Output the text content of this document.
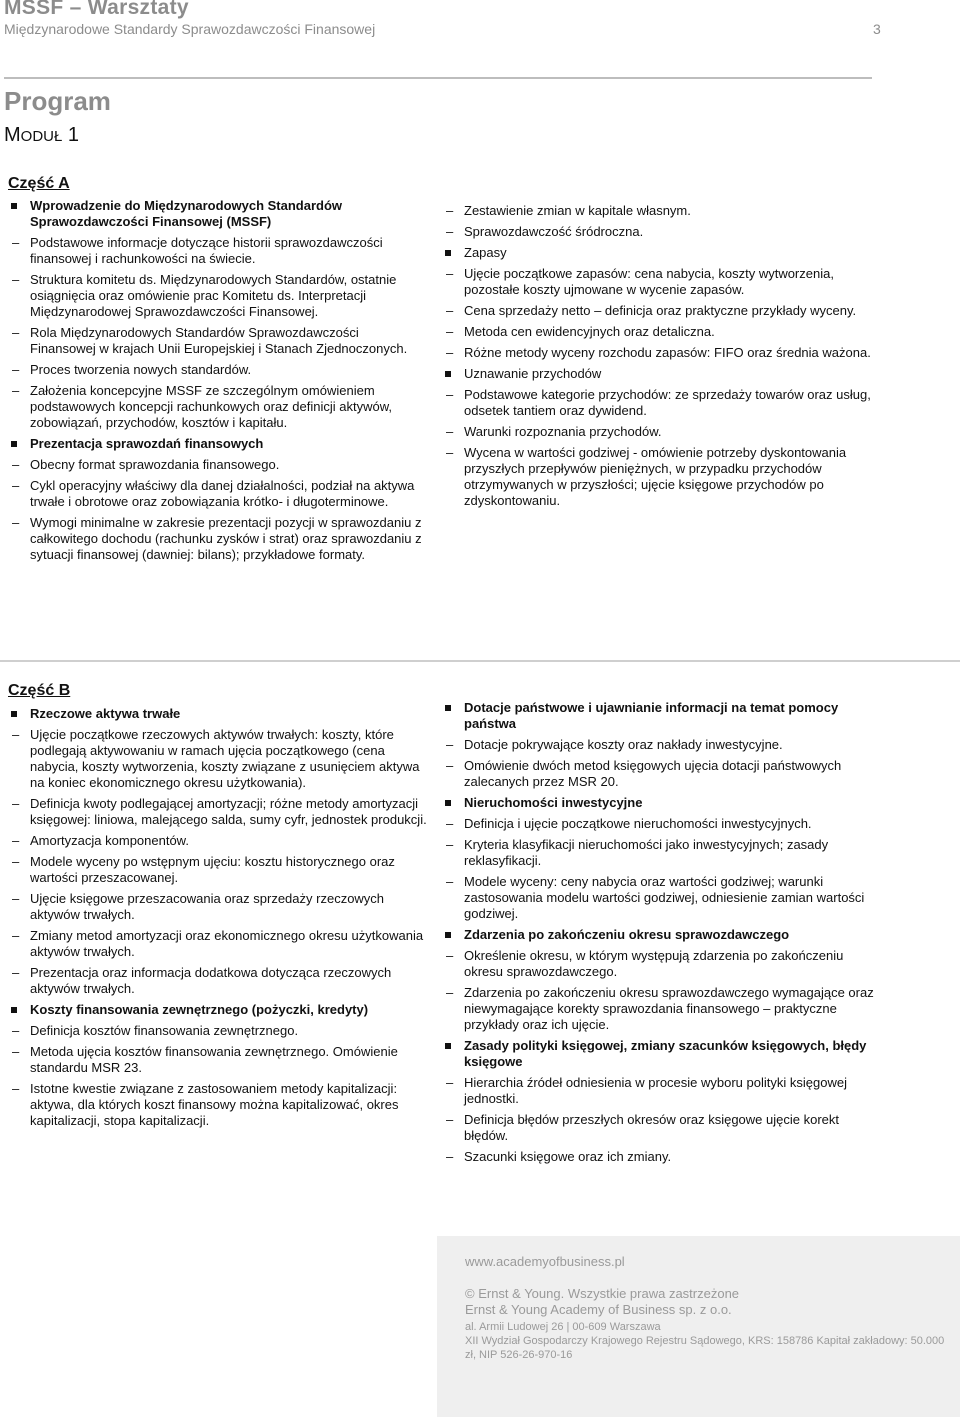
MSSF – Warsztaty
Międzynarodowe Standardy Sprawozdawczości Finansowej	3
Program
MODUŁ 1
Część A
Wprowadzenie do Międzynarodowych Standardów Sprawozdawczości Finansowej (MSSF)
– Podstawowe informacje dotyczące historii sprawozdawczości finansowej i rachunkowości na świecie.
– Struktura komitetu ds. Międzynarodowych Standardów, ostatnie osiągnięcia oraz omówienie prac Komitetu ds. Interpretacji Międzynarodowej Sprawozdawczości Finansowej.
– Rola Międzynarodowych Standardów Sprawozdawczości Finansowej w krajach Unii Europejskiej i Stanach Zjednoczonych.
– Proces tworzenia nowych standardów.
– Założenia koncepcyjne MSSF ze szczególnym omówieniem podstawowych koncepcji rachunkowych oraz definicji aktywów, zobowiązań, przychodów, kosztów i kapitału.
Prezentacja sprawozdań finansowych
– Obecny format sprawozdania finansowego.
– Cykl operacyjny właściwy dla danej działalności, podział na aktywa trwałe i obrotowe oraz zobowiązania krótko- i długoterminowe.
– Wymogi minimalne w zakresie prezentacji pozycji w sprawozdaniu z całkowitego dochodu (rachunku zysków i strat) oraz sprawozdaniu z sytuacji finansowej (dawniej: bilans); przykładowe formaty.
– Zestawienie zmian w kapitale własnym.
– Sprawozdawczość śródroczna.
Zapasy
– Ujęcie początkowe zapasów: cena nabycia, koszty wytworzenia, pozostałe koszty ujmowane w wycenie zapasów.
– Cena sprzedaży netto – definicja oraz praktyczne przykłady wyceny.
– Metoda cen ewidencyjnych oraz detaliczna.
– Różne metody wyceny rozchodu zapasów: FIFO oraz średnia ważona.
Uznawanie przychodów
– Podstawowe kategorie przychodów: ze sprzedaży towarów oraz usług, odsetek tantiem oraz dywidend.
– Warunki rozpoznania przychodów.
– Wycena w wartości godziwej - omówienie potrzeby dyskontowania przyszłych przepływów pieniężnych, w przypadku przychodów otrzymywanych w przyszłości; ujęcie księgowe przychodów po zdyskontowaniu.
Część B
Rzeczowe aktywa trwałe
– Ujęcie początkowe rzeczowych aktywów trwałych: koszty, które podlegają aktywowaniu w ramach ujęcia początkowego (cena nabycia, koszty wytworzenia, koszty związane z usunięciem aktywa na koniec ekonomicznego okresu użytkowania).
– Definicja kwoty podlegającej amortyzacji; różne metody amortyzacji księgowej: liniowa, malejącego salda, sumy cyfr, jednostek produkcji.
– Amortyzacja komponentów.
– Modele wyceny po wstępnym ujęciu: kosztu historycznego oraz wartości przeszacowanej.
– Ujęcie księgowe przeszacowania oraz sprzedaży rzeczowych aktywów trwałych.
– Zmiany metod amortyzacji oraz ekonomicznego okresu użytkowania aktywów trwałych.
– Prezentacja oraz informacja dodatkowa dotycząca rzeczowych aktywów trwałych.
Koszty finansowania zewnętrznego (pożyczki, kredyty)
– Definicja kosztów finansowania zewnętrznego.
– Metoda ujęcia kosztów finansowania zewnętrznego. Omówienie standardu MSR 23.
– Istotne kwestie związane z zastosowaniem metody kapitalizacji: aktywa, dla których koszt finansowy można kapitalizować, okres kapitalizacji, stopa kapitalizacji.
Dotacje państwowe i ujawnianie informacji na temat pomocy państwa
– Dotacje pokrywające koszty oraz nakłady inwestycyjne.
– Omówienie dwóch metod księgowych ujęcia dotacji państwowych zalecanych przez MSR 20.
Nieruchomości inwestycyjne
– Definicja i ujęcie początkowe nieruchomości inwestycyjnych.
– Kryteria klasyfikacji nieruchomości jako inwestycyjnych; zasady reklasyfikacji.
– Modele wyceny: ceny nabycia oraz wartości godziwej; warunki zastosowania modelu wartości godziwej, odniesienie zamian wartości godziwej.
Zdarzenia po zakończeniu okresu sprawozdawczego
– Określenie okresu, w którym występują zdarzenia po zakończeniu okresu sprawozdawczego.
– Zdarzenia po zakończeniu okresu sprawozdawczego wymagające oraz niewymagające korekty sprawozdania finansowego – praktyczne przykłady oraz ich ujęcie.
Zasady polityki księgowej, zmiany szacunków księgowych, błędy księgowe
– Hierarchia źródeł odniesienia w procesie wyboru polityki księgowej jednostki.
– Definicja błędów przeszłych okresów oraz księgowe ujęcie korekt błędów.
– Szacunki księgowe oraz ich zmiany.
www.academyofbusiness.pl
© Ernst & Young. Wszystkie prawa zastrzeżone
Ernst & Young Academy of Business sp. z o.o.
al. Armii Ludowej 26 | 00-609 Warszawa
XII Wydział Gospodarczy Krajowego Rejestru Sądowego, KRS: 158786 Kapitał zakładowy: 50.000 zł, NIP 526-26-970-16
